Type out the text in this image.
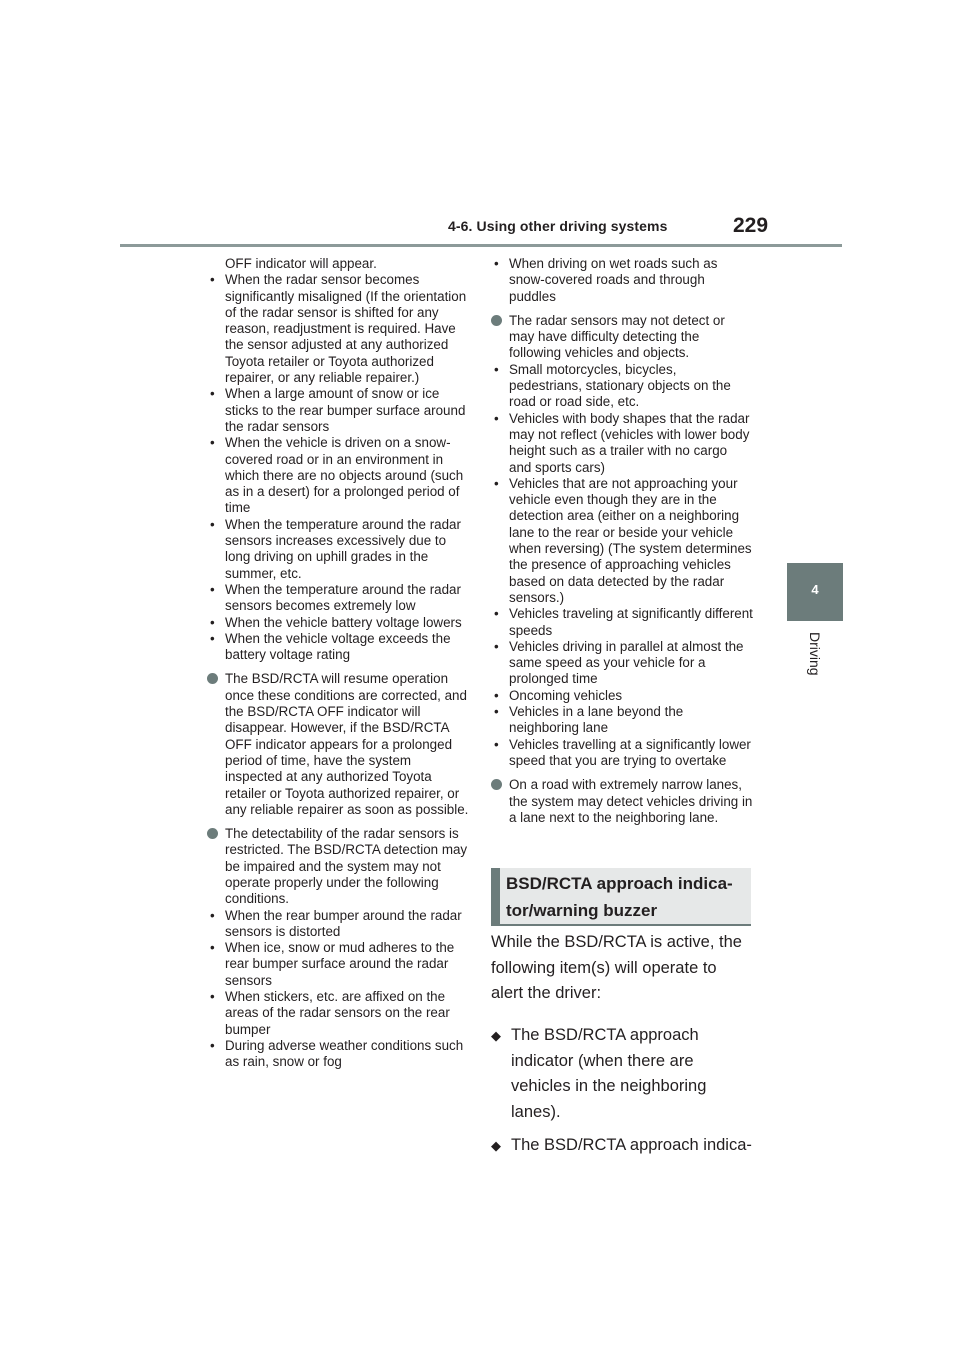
4-6. Using other driving systems	229
4
Driving
OFF indicator will appear.
• When the radar sensor becomes significantly misaligned (If the orientation of the radar sensor is shifted for any reason, readjustment is required. Have the sensor adjusted at any authorized Toyota retailer or Toyota authorized repairer, or any reliable repairer.)
• When a large amount of snow or ice sticks to the rear bumper surface around the radar sensors
• When the vehicle is driven on a snow-covered road or in an environment in which there are no objects around (such as in a desert) for a prolonged period of time
• When the temperature around the radar sensors increases excessively due to long driving on uphill grades in the summer, etc.
• When the temperature around the radar sensors becomes extremely low
• When the vehicle battery voltage lowers
• When the vehicle voltage exceeds the battery voltage rating
The BSD/RCTA will resume operation once these conditions are corrected, and the BSD/RCTA OFF indicator will disappear. However, if the BSD/RCTA OFF indicator appears for a prolonged period of time, have the system inspected at any authorized Toyota retailer or Toyota authorized repairer, or any reliable repairer as soon as possible.
The detectability of the radar sensors is restricted. The BSD/RCTA detection may be impaired and the system may not operate properly under the following conditions.
• When the rear bumper around the radar sensors is distorted
• When ice, snow or mud adheres to the rear bumper surface around the radar sensors
• When stickers, etc. are affixed on the areas of the radar sensors on the rear bumper
• During adverse weather conditions such as rain, snow or fog
• When driving on wet roads such as snow-covered roads and through puddles
The radar sensors may not detect or may have difficulty detecting the following vehicles and objects.
• Small motorcycles, bicycles, pedestrians, stationary objects on the road or road side, etc.
• Vehicles with body shapes that the radar may not reflect (vehicles with lower body height such as a trailer with no cargo and sports cars)
• Vehicles that are not approaching your vehicle even though they are in the detection area (either on a neighboring lane to the rear or beside your vehicle when reversing) (The system determines the presence of approaching vehicles based on data detected by the radar sensors.)
• Vehicles traveling at significantly different speeds
• Vehicles driving in parallel at almost the same speed as your vehicle for a prolonged time
• Oncoming vehicles
• Vehicles in a lane beyond the neighboring lane
• Vehicles travelling at a significantly lower speed that you are trying to overtake
On a road with extremely narrow lanes, the system may detect vehicles driving in a lane next to the neighboring lane.
BSD/RCTA approach indica-
tor/warning buzzer
While the BSD/RCTA is active, the following item(s) will operate to alert the driver:
◆ The BSD/RCTA approach indicator (when there are vehicles in the neighboring lanes).
◆ The BSD/RCTA approach indica-
